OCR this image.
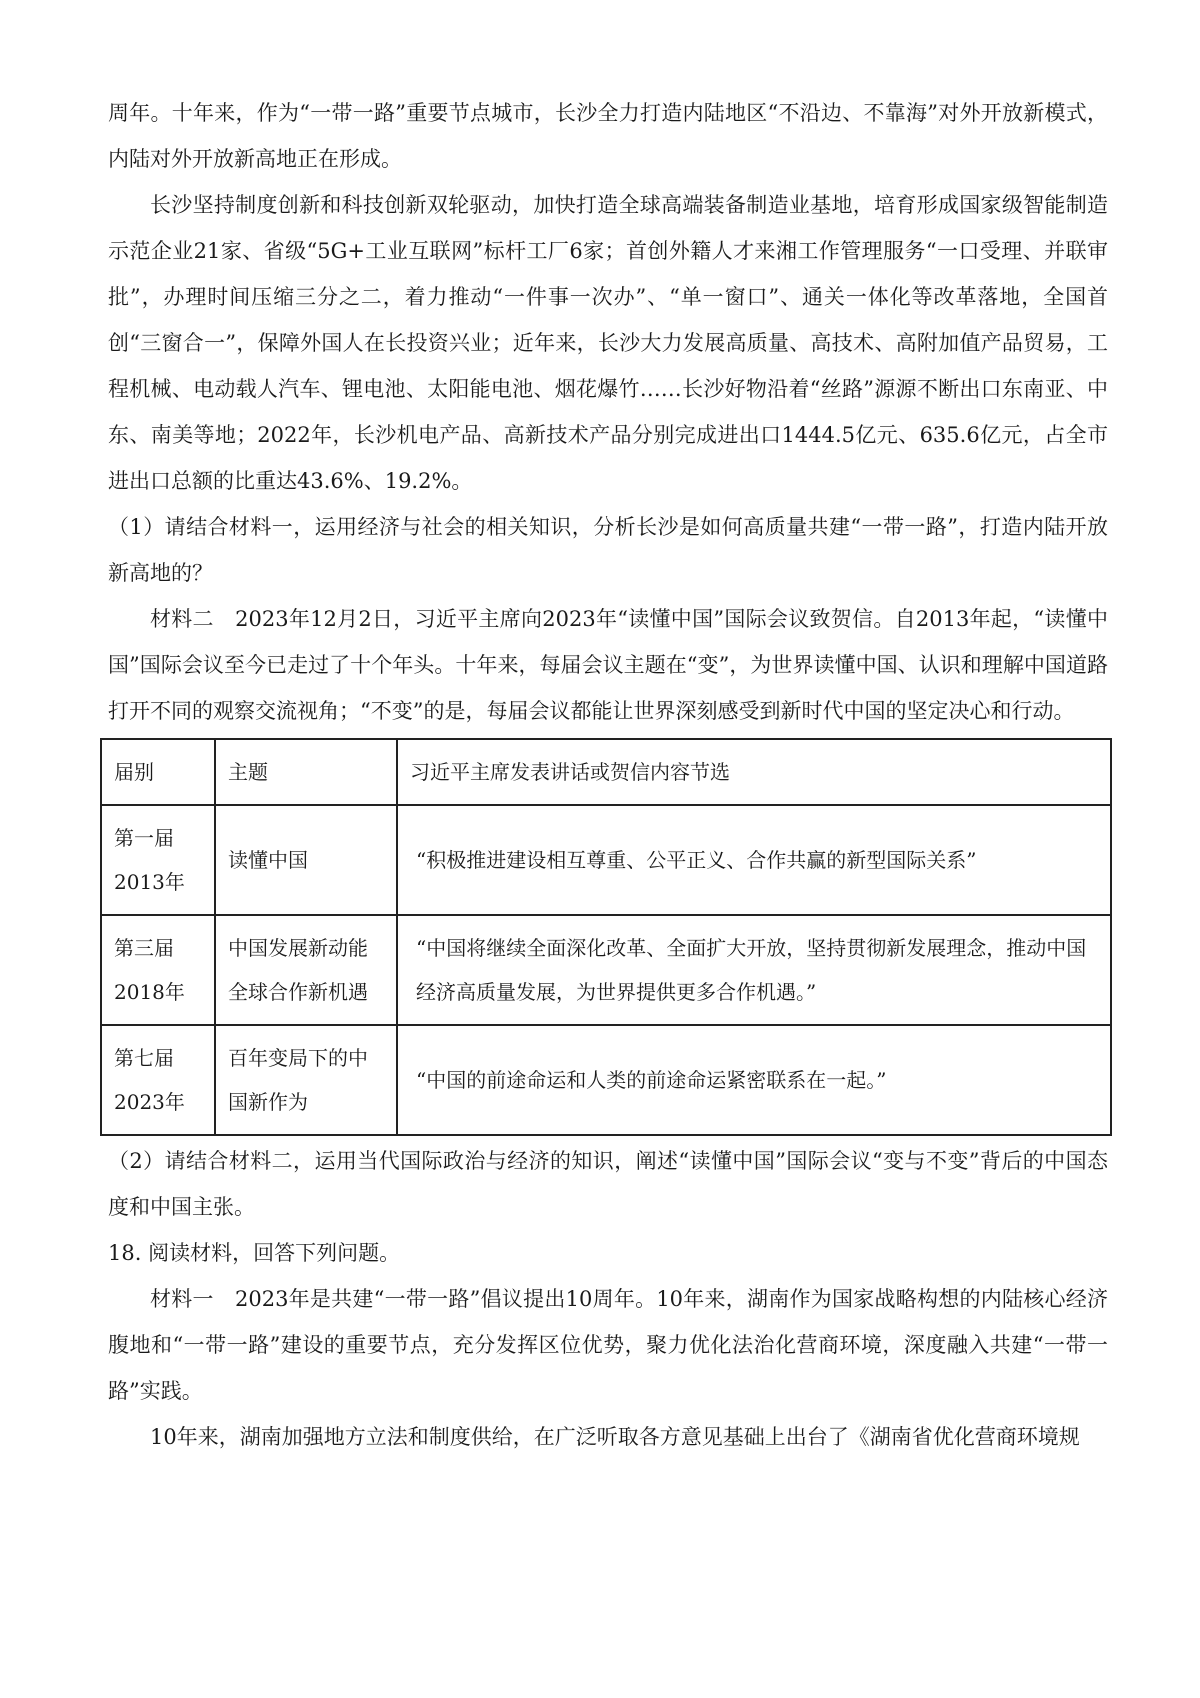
周年。十年来，作为“一带一路”重要节点城市，长沙全力打造内陆地区“不沿边、不靠海”对外开放新模式，内陆对外开放新高地正在形成。

长沙坚持制度创新和科技创新双轮驱动，加快打造全球高端装备制造业基地，培育形成国家级智能制造示范企业21家、省级“5G+工业互联网”标杆工厂6家；首创外籍人才来湘工作管理服务“一口受理、并联审批”，办理时间压缩三分之二，着力推动“一件事一次办”、“单一窗口”、通关一体化等改革落地，全国首创“三窗合一”，保障外国人在长投资兴业；近年来，长沙大力发展高质量、高技术、高附加值产品贸易，工程机械、电动载人汽车、锂电池、太阳能电池、烟花爆竹……长沙好物沿着“丝路”源源不断出口东南亚、中东、南美等地；2022年，长沙机电产品、高新技术产品分别完成进出口1444.5亿元、635.6亿元，占全市进出口总额的比重达43.6%、19.2%。

（1）请结合材料一，运用经济与社会的相关知识，分析长沙是如何高质量共建“一带一路”，打造内陆开放新高地的？

材料二　2023年12月2日，习近平主席向2023年“读懂中国”国际会议致贺信。自2013年起，“读懂中国”国际会议至今已走过了十个年头。十年来，每届会议主题在“变”，为世界读懂中国、认识和理解中国道路打开不同的观察交流视角；“不变”的是，每届会议都能让世界深刻感受到新时代中国的坚定决心和行动。

届别	主题	习近平主席发表讲话或贺信内容节选

第一届
2013年	读懂中国	“积极推进建设相互尊重、公平正义、合作共赢的新型国际关系”

第三届
2018年	中国发展新动能全球合作新机遇	“中国将继续全面深化改革、全面扩大开放，坚持贯彻新发展理念，推动中国经济高质量发展，为世界提供更多合作机遇。”

第七届
2023年	百年变局下的中国新作为	“中国的前途命运和人类的前途命运紧密联系在一起。”

（2）请结合材料二，运用当代国际政治与经济的知识，阐述“读懂中国”国际会议“变与不变”背后的中国态度和中国主张。

18. 阅读材料，回答下列问题。

材料一　2023年是共建“一带一路”倡议提出10周年。10年来，湖南作为国家战略构想的内陆核心经济腹地和“一带一路”建设的重要节点，充分发挥区位优势，聚力优化法治化营商环境，深度融入共建“一带一路”实践。

10年来，湖南加强地方立法和制度供给，在广泛听取各方意见基础上出台了《湖南省优化营商环境规
